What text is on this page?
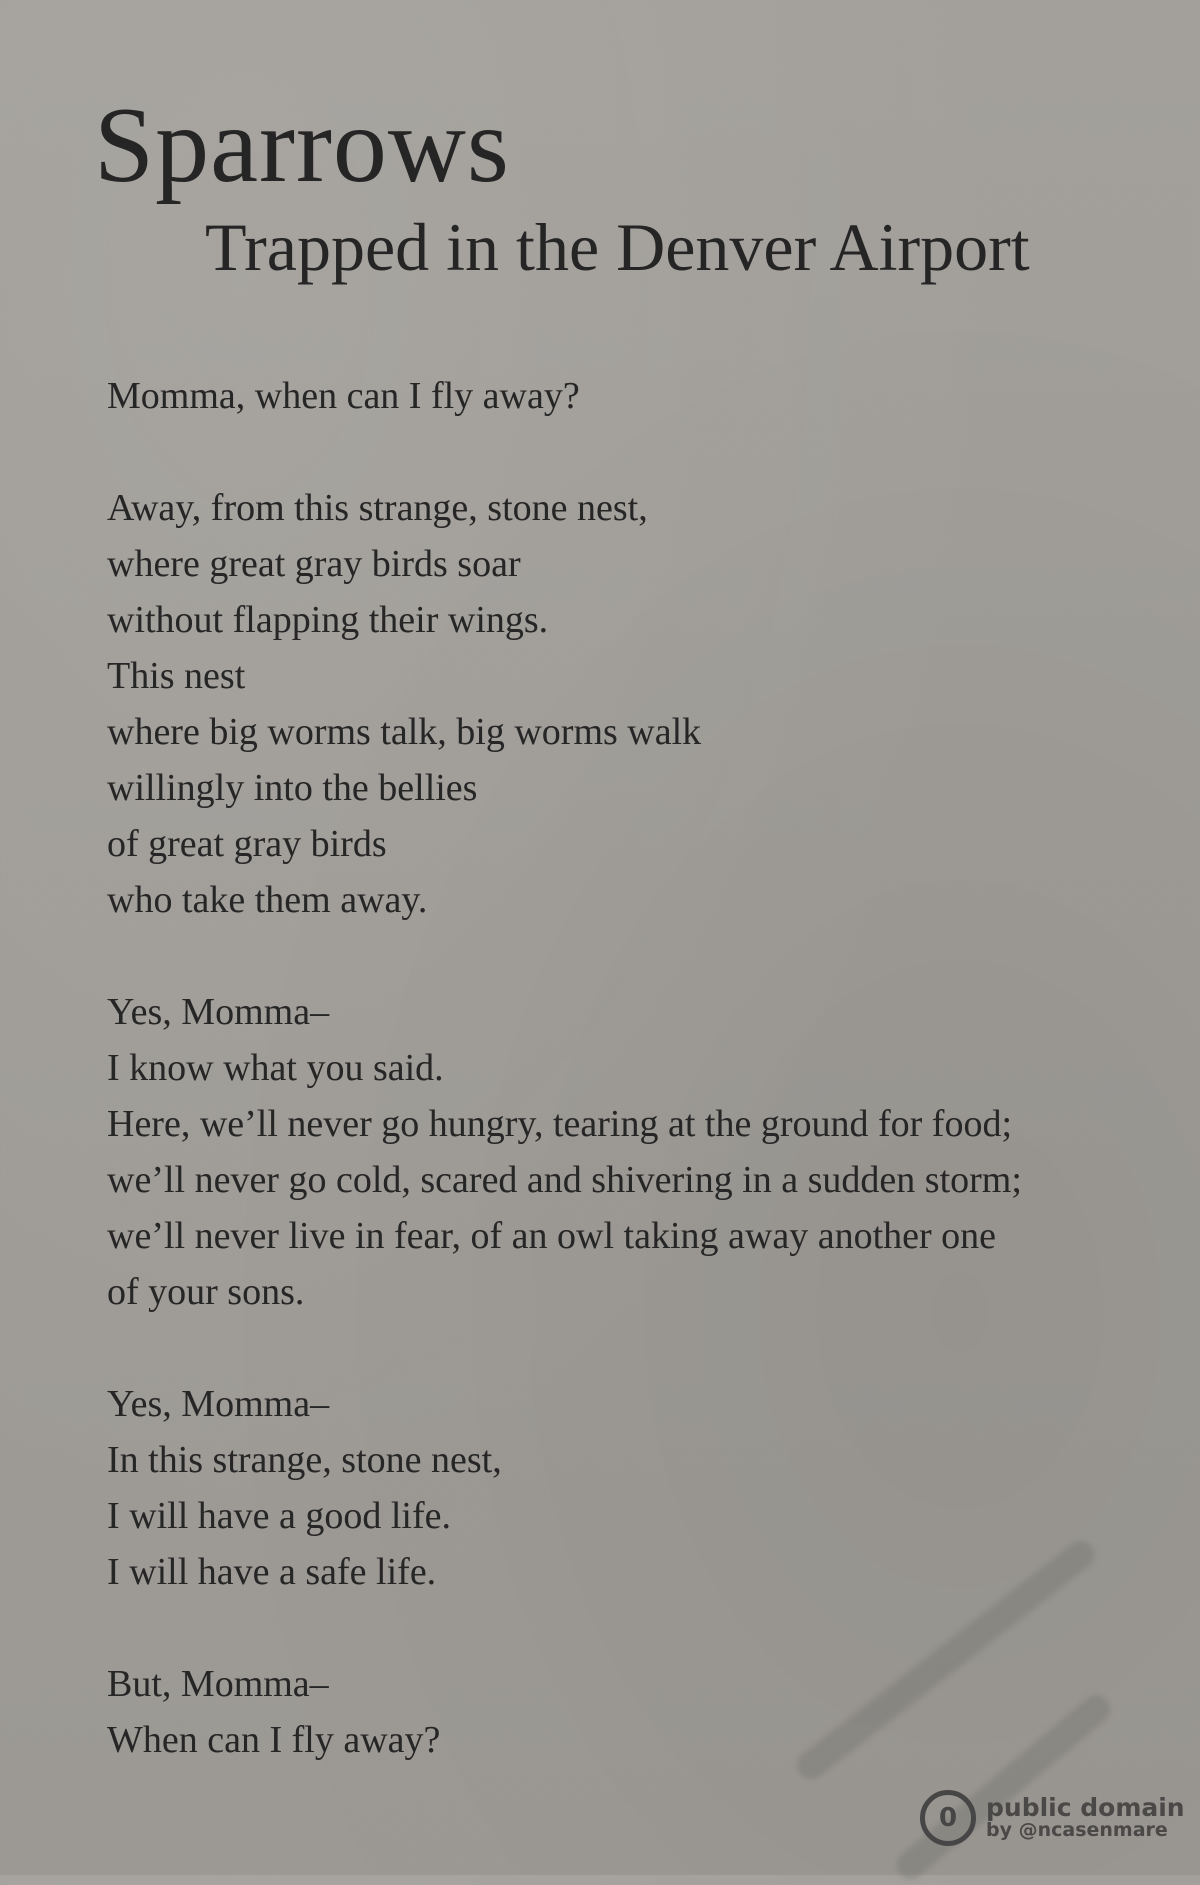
Sparrows
Trapped in the Denver Airport
Momma, when can I fly away?
Away, from this strange, stone nest,
where great gray birds soar
without flapping their wings.
This nest
where big worms talk, big worms walk
willingly into the bellies
of great gray birds
who take them away.
Yes, Momma–
I know what you said.
Here, we’ll never go hungry, tearing at the ground for food;
we’ll never go cold, scared and shivering in a sudden storm;
we’ll never live in fear, of an owl taking away another one
of your sons.
Yes, Momma–
In this strange, stone nest,
I will have a good life.
I will have a safe life.
But, Momma–
When can I fly away?
0	public domain
by @ncasenmare
